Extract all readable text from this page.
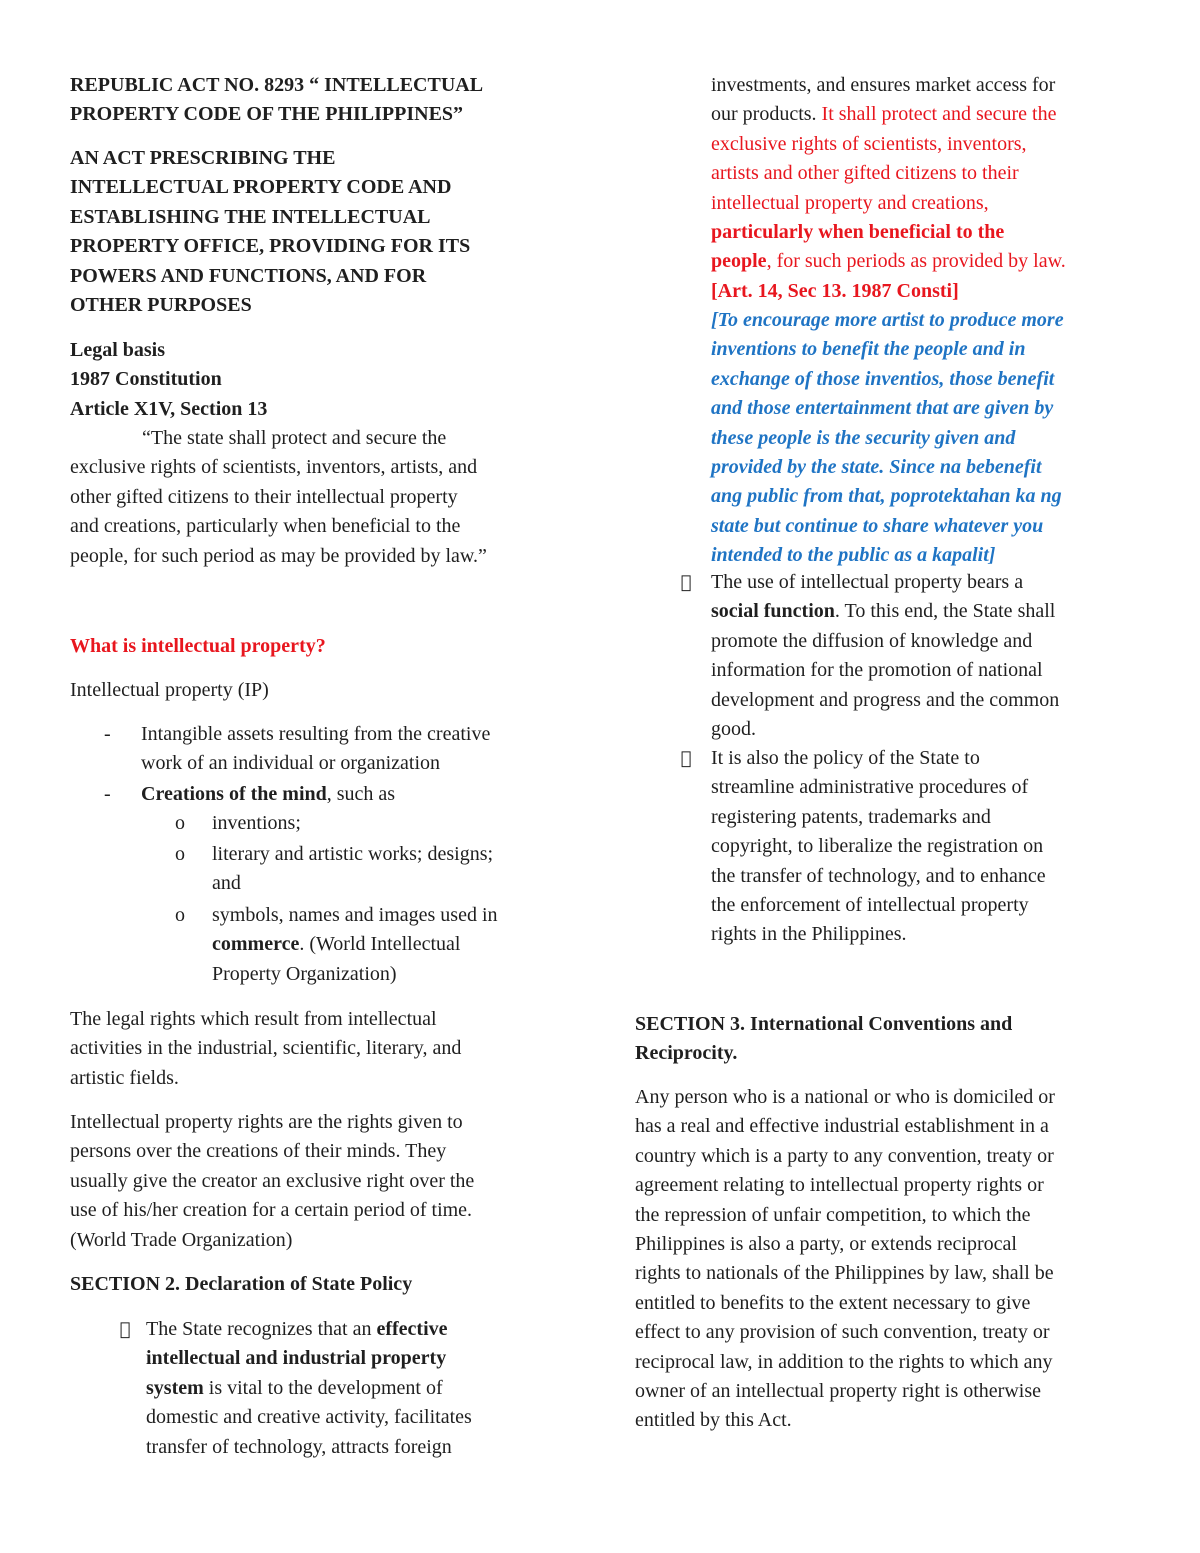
REPUBLIC ACT NO. 8293 “ INTELLECTUAL

PROPERTY CODE OF THE PHILIPPINES”

AN ACT PRESCRIBING THE

INTELLECTUAL PROPERTY CODE AND

ESTABLISHING THE INTELLECTUAL

PROPERTY OFFICE, PROVIDING FOR ITS

POWERS AND FUNCTIONS, AND FOR

OTHER PURPOSES

Legal basis

1987 Constitution

Article X1V, Section 13

“The state shall protect and secure the

exclusive rights of scientists, inventors, artists, and

other gifted citizens to their intellectual property

and creations, particularly when beneficial to the

people, for such period as may be provided by law.”

What is intellectual property?
Intellectual property (IP)
- Intangible assets resulting from the creative

work of an individual or organization

- Creations of the mind, such as

o inventions;

o literary and artistic works; designs;

and

o symbols, names and images used in

commerce. (World Intellectual

Property Organization)

The legal rights which result from intellectual

activities in the industrial, scientific, literary, and

artistic fields.

Intellectual property rights are the rights given to

persons over the creations of their minds. They

usually give the creator an exclusive right over the

use of his/her creation for a certain period of time.

(World Trade Organization)

SECTION 2. Declaration of State Policy

The State recognizes that an effective

intellectual and industrial property

system is vital to the development of

domestic and creative activity, facilitates

transfer of technology, attracts foreign

investments, and ensures market access for

our products. It shall protect and secure the

exclusive rights of scientists, inventors,

artists and other gifted citizens to their

intellectual property and creations,

particularly when beneficial to the

people, for such periods as provided by law.

[Art. 14, Sec 13. 1987 Consti]

[To encourage more artist to produce more

inventions to benefit the people and in

exchange of those inventios, those benefit

and those entertainment that are given by

these people is the security given and

provided by the state. Since na bebenefit

ang public from that, poprotektahan ka ng

state but continue to share whatever you

intended to the public as a kapalit]

The use of intellectual property bears a

social function. To this end, the State shall

promote the diffusion of knowledge and

information for the promotion of national

development and progress and the common

good.

It is also the policy of the State to

streamline administrative procedures of

registering patents, trademarks and

copyright, to liberalize the registration on

the transfer of technology, and to enhance

the enforcement of intellectual property

rights in the Philippines.

SECTION 3. International Conventions and

Reciprocity.

Any person who is a national or who is domiciled or

has a real and effective industrial establishment in a

country which is a party to any convention, treaty or

agreement relating to intellectual property rights or

the repression of unfair competition, to which the

Philippines is also a party, or extends reciprocal

rights to nationals of the Philippines by law, shall be

entitled to benefits to the extent necessary to give

effect to any provision of such convention, treaty or

reciprocal law, in addition to the rights to which any

owner of an intellectual property right is otherwise

entitled by this Act.
